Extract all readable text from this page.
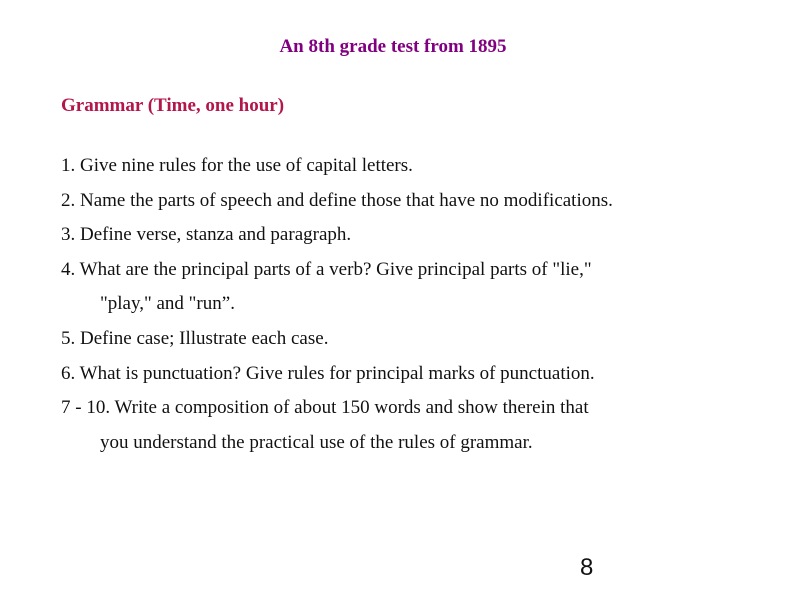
An 8th grade test from 1895
Grammar (Time, one hour)
1. Give nine rules for the use of capital letters.
2. Name the parts of speech and define those that have no modifications.
3. Define verse, stanza and paragraph.
4. What are the principal parts of a verb? Give principal parts of "lie,"
"play," and "run”.
5. Define case; Illustrate each case.
6. What is punctuation? Give rules for principal marks of punctuation.
7 - 10. Write a composition of about 150 words and show therein that
you understand the practical use of the rules of grammar.
8
